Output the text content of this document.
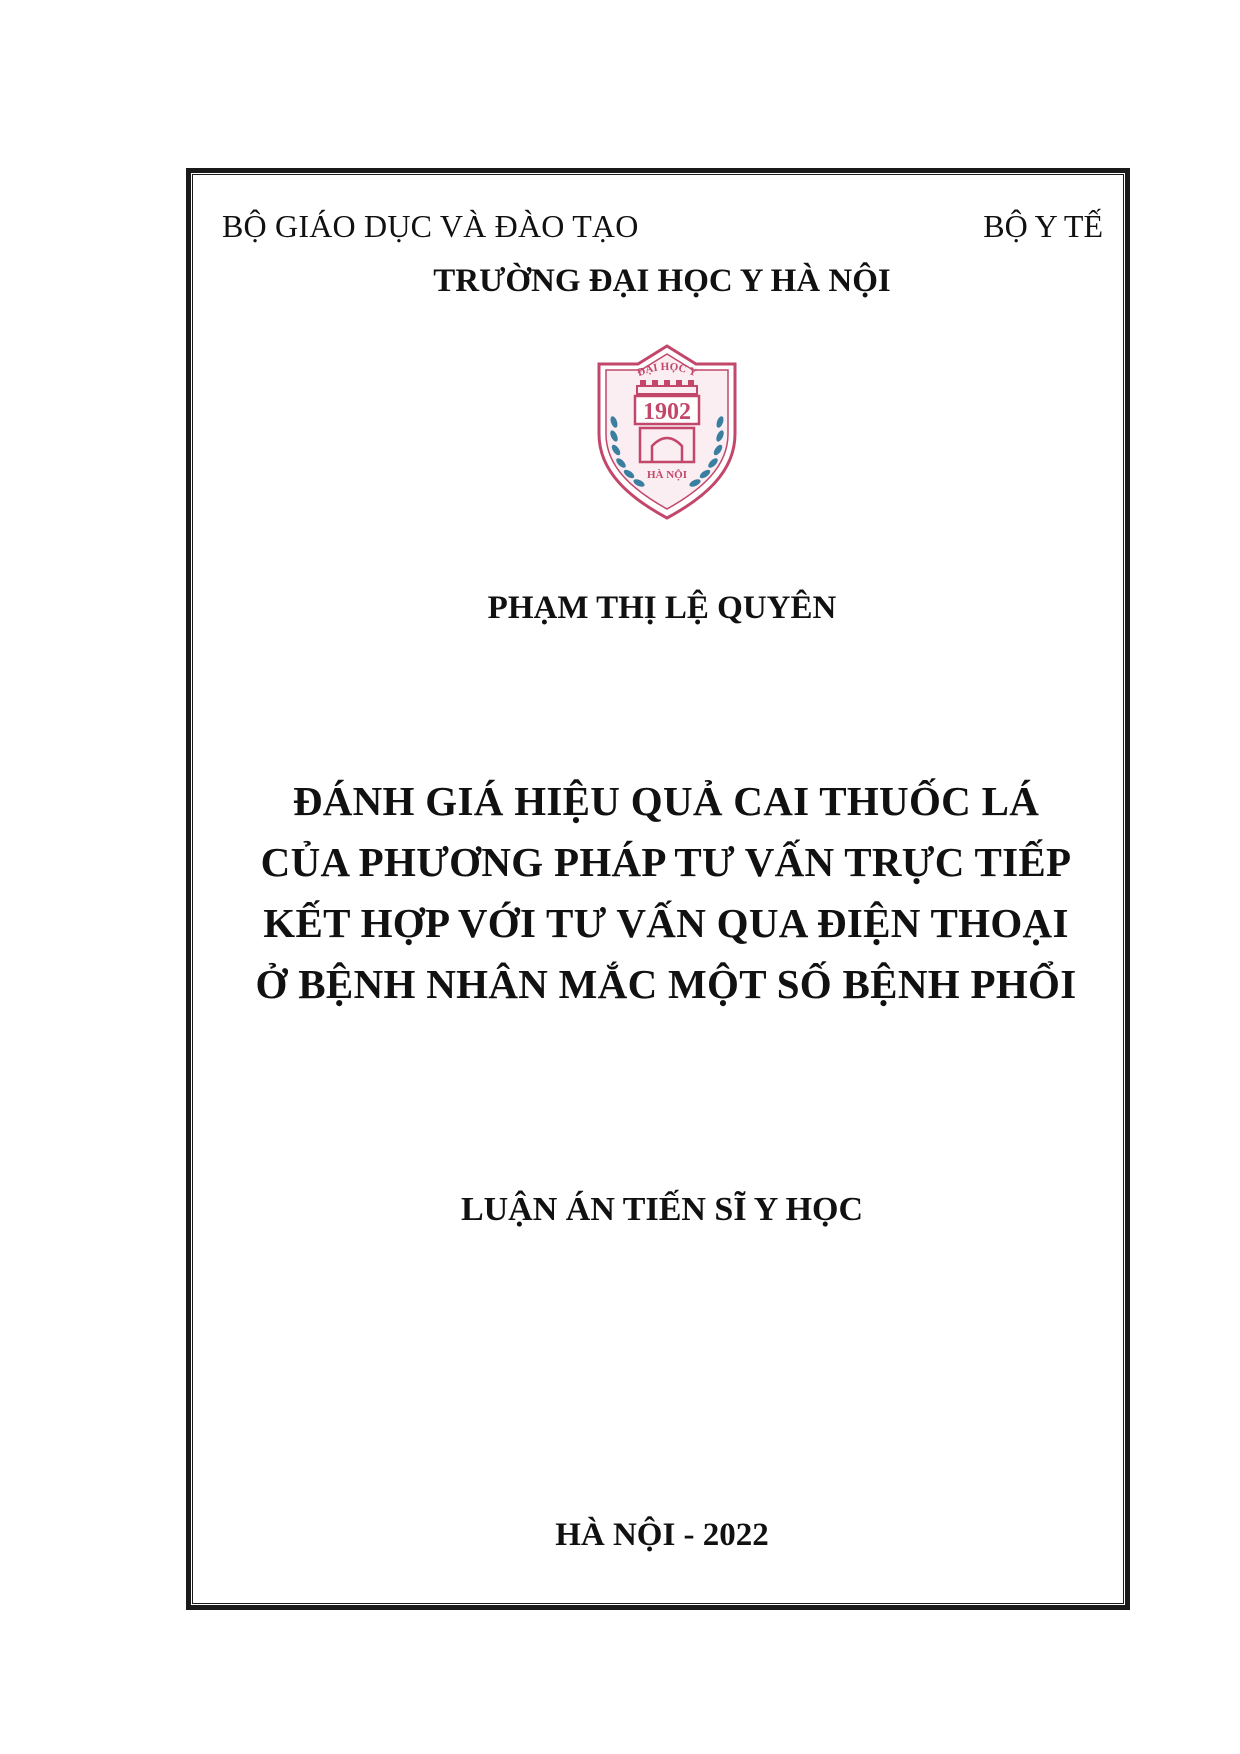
BỘ GIÁO DỤC VÀ ĐÀO TẠO	BỘ Y TẾ
TRƯỜNG ĐẠI HỌC Y HÀ NỘI
ĐẠI HỌC Y
1902
HÀ NỘI
PHẠM THỊ LỆ QUYÊN
ĐÁNH GIÁ HIỆU QUẢ CAI THUỐC LÁ
CỦA PHƯƠNG PHÁP TƯ VẤN TRỰC TIẾP
KẾT HỢP VỚI TƯ VẤN QUA ĐIỆN THOẠI
Ở BỆNH NHÂN MẮC MỘT SỐ BỆNH PHỔI
LUẬN ÁN TIẾN SĨ Y HỌC
HÀ NỘI - 2022
